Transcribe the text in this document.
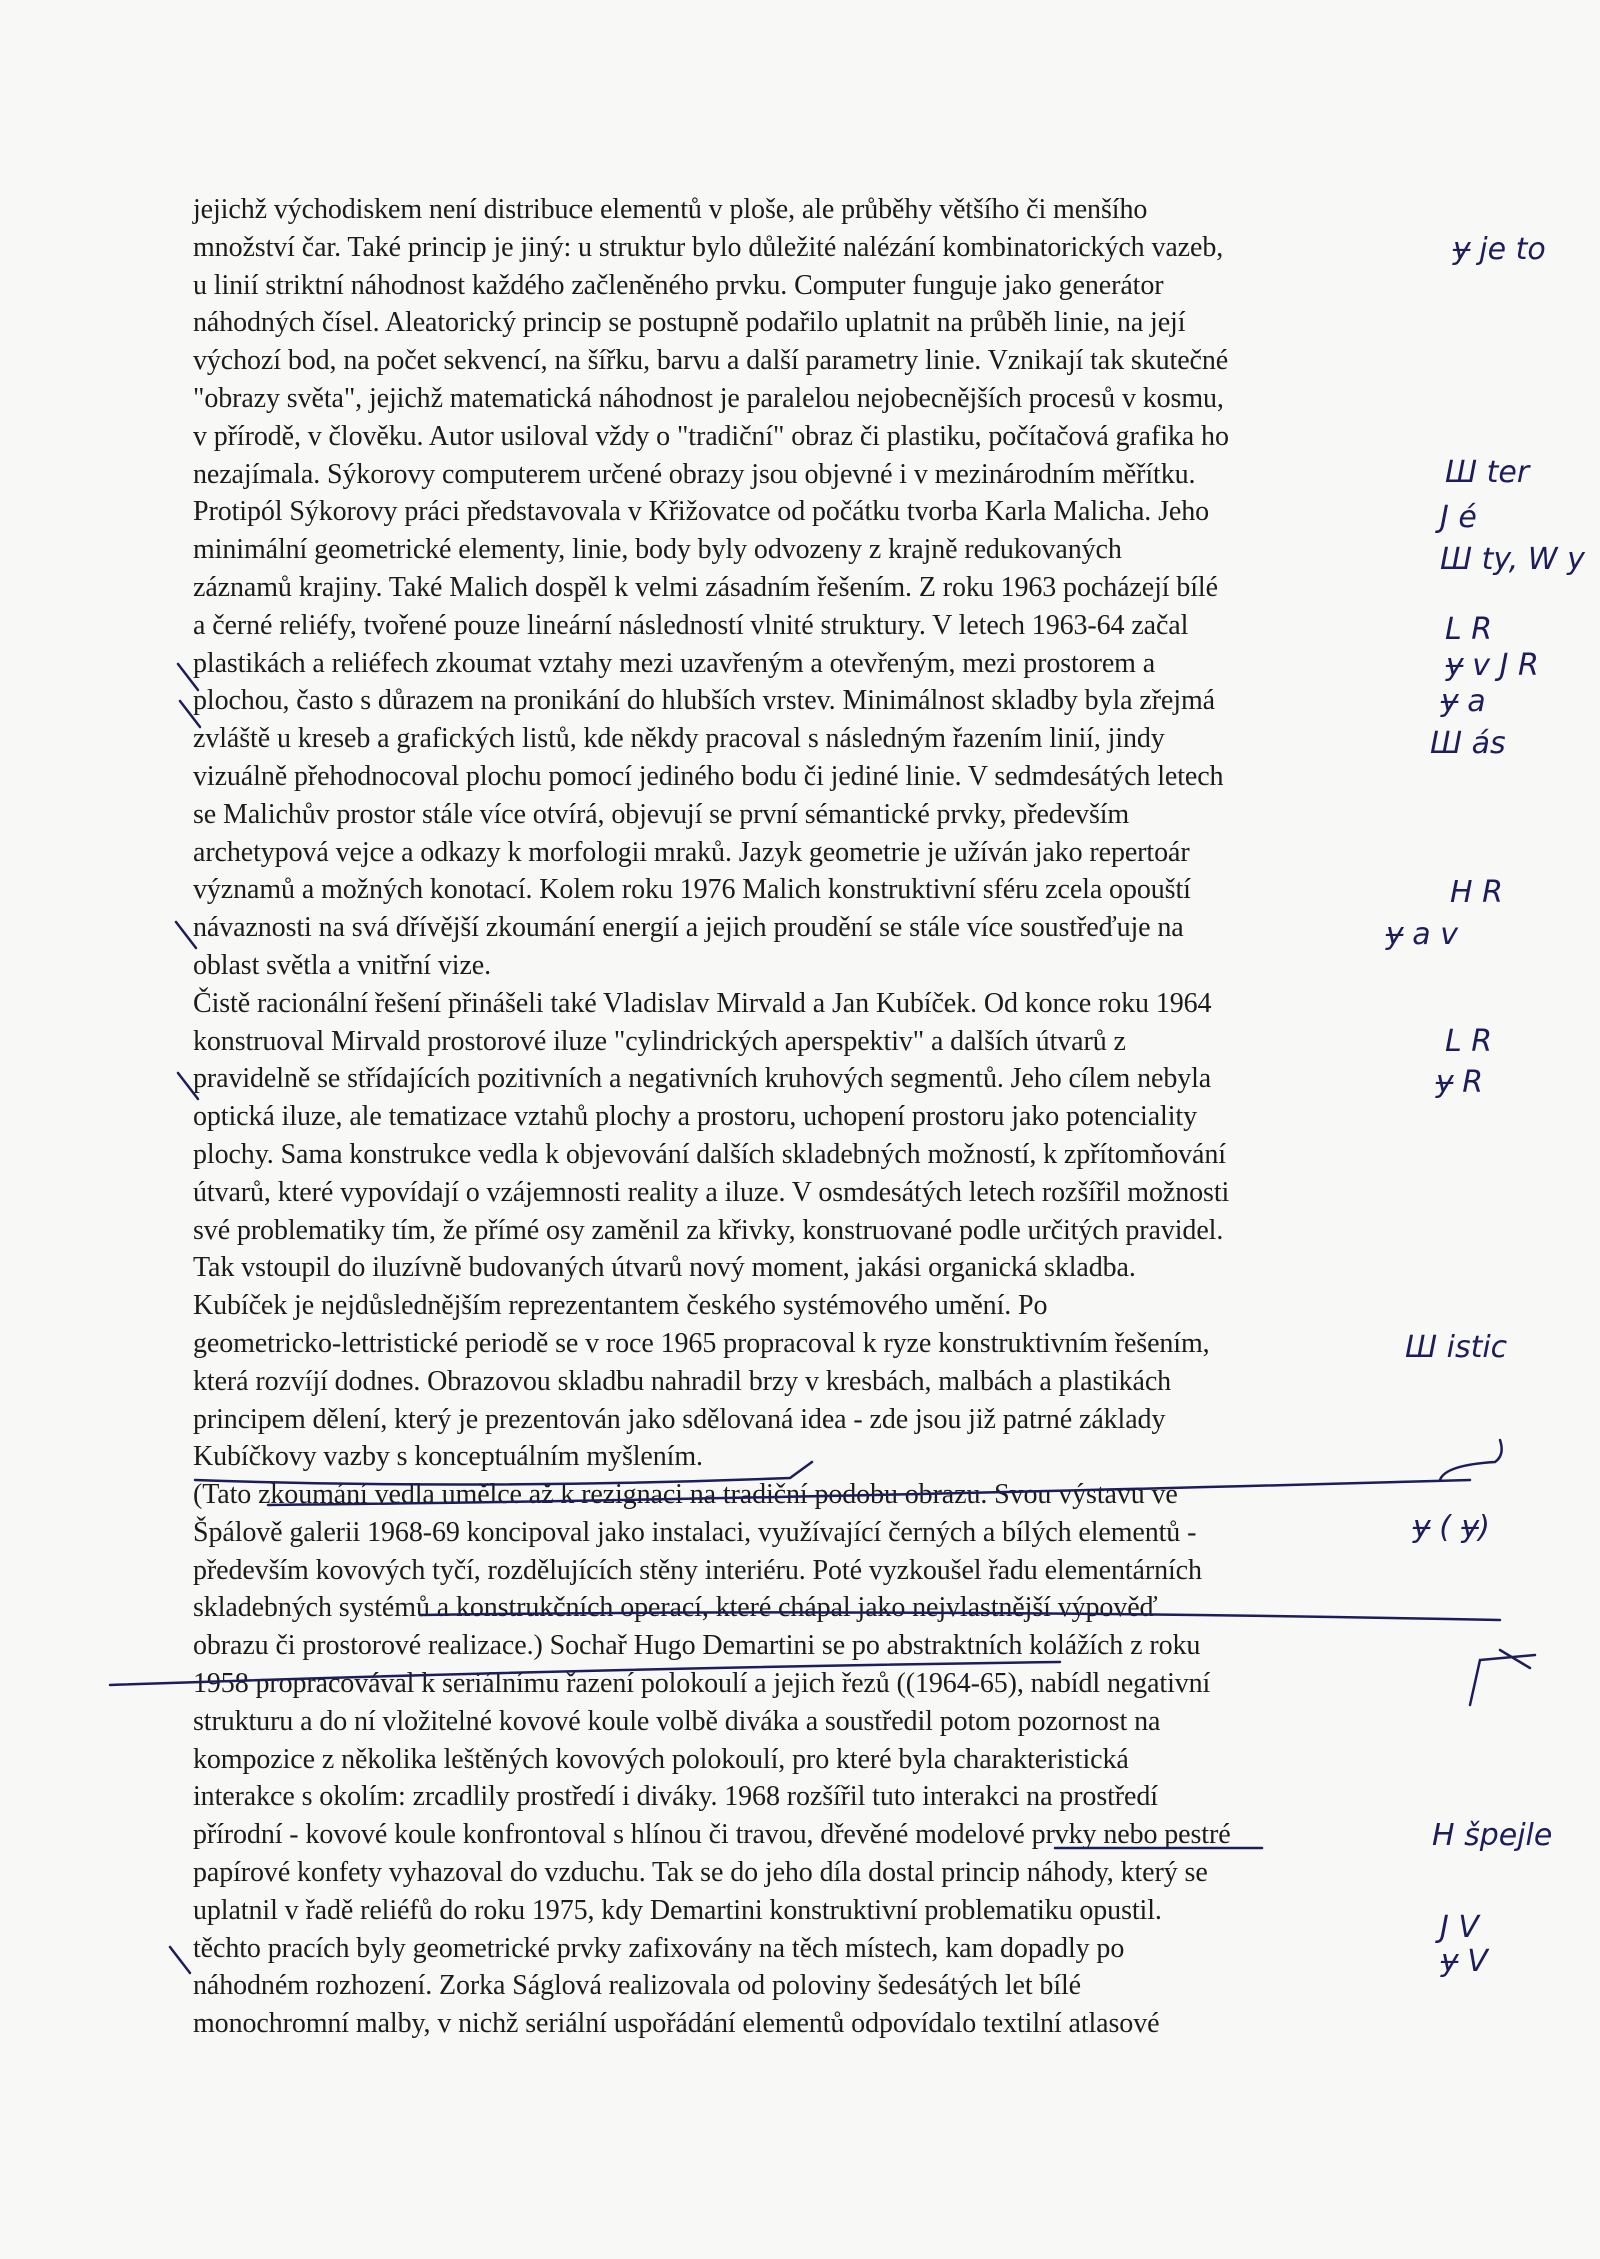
jejichž východiskem není distribuce elementů v ploše, ale průběhy většího či menšího
množství čar. Také princip je jiný: u struktur bylo důležité nalézání kombinatorických vazeb,
u linií striktní náhodnost každého začleněného prvku. Computer funguje jako generátor
náhodných čísel. Aleatorický princip se postupně podařilo uplatnit na průběh linie, na její
výchozí bod, na počet sekvencí, na šířku, barvu a další parametry linie. Vznikají tak skutečné
"obrazy světa", jejichž matematická náhodnost je paralelou nejobecnějších procesů v kosmu,
v přírodě, v člověku. Autor usiloval vždy o "tradiční" obraz či plastiku, počítačová grafika ho
nezajímala. Sýkorovy computerem určené obrazy jsou objevné i v mezinárodním měřítku.
Protipól Sýkorovy práci představovala v Křižovatce od počátku tvorba Karla Malicha. Jeho
minimální geometrické elementy, linie, body byly odvozeny z krajně redukovaných
záznamů krajiny. Také Malich dospěl k velmi zásadním řešením. Z roku 1963 pocházejí bílé
a černé reliéfy, tvořené pouze lineární následností vlnité struktury. V letech 1963-64 začal
plastikách a reliéfech zkoumat vztahy mezi uzavřeným a otevřeným, mezi prostorem a
plochou, často s důrazem na pronikání do hlubších vrstev. Minimálnost skladby byla zřejmá
zvláště u kreseb a grafických listů, kde někdy pracoval s následným řazením linií, jindy
vizuálně přehodnocoval plochu pomocí jediného bodu či jediné linie. V sedmdesátých letech
se Malichův prostor stále více otvírá, objevují se první sémantické prvky, především
archetypová vejce a odkazy k morfologii mraků. Jazyk geometrie je užíván jako repertoár
významů a možných konotací. Kolem roku 1976 Malich konstruktivní sféru zcela opouští
návaznosti na svá dřívější zkoumání energií a jejich proudění se stále více soustřeďuje na
oblast světla a vnitřní vize.
Čistě racionální řešení přinášeli také Vladislav Mirvald a Jan Kubíček. Od konce roku 1964
konstruoval Mirvald prostorové iluze "cylindrických aperspektiv" a dalších útvarů z
pravidelně se střídajících pozitivních a negativních kruhových segmentů. Jeho cílem nebyla
optická iluze, ale tematizace vztahů plochy a prostoru, uchopení prostoru jako potenciality
plochy. Sama konstrukce vedla k objevování dalších skladebných možností, k zpřítomňování
útvarů, které vypovídají o vzájemnosti reality a iluze. V osmdesátých letech rozšířil možnosti
své problematiky tím, že přímé osy zaměnil za křivky, konstruované podle určitých pravidel.
Tak vstoupil do iluzívně budovaných útvarů nový moment, jakási organická skladba.
Kubíček je nejdůslednějším reprezentantem českého systémového umění. Po
geometricko-lettristické periodě se v roce 1965 propracoval k ryze konstruktivním řešením,
která rozvíjí dodnes. Obrazovou skladbu nahradil brzy v kresbách, malbách a plastikách
principem dělení, který je prezentován jako sdělovaná idea - zde jsou již patrné základy
Kubíčkovy vazby s konceptuálním myšlením.
(Tato zkoumání vedla umělce až k rezignaci na tradiční podobu obrazu. Svou výstavu ve
Špálově galerii 1968-69 koncipoval jako instalaci, využívající černých a bílých elementů -
především kovových tyčí, rozdělujících stěny interiéru. Poté vyzkoušel řadu elementárních
skladebných systémů a konstrukčních operací, které chápal jako nejvlastnější výpověď
obrazu či prostorové realizace.) Sochař Hugo Demartini se po abstraktních kolážích z roku
1958 propracovával k seriálnímu řazení polokoulí a jejich řezů ((1964-65), nabídl negativní
strukturu a do ní vložitelné kovové koule volbě diváka a soustředil potom pozornost na
kompozice z několika leštěných kovových polokoulí, pro které byla charakteristická
interakce s okolím: zrcadlily prostředí i diváky. 1968 rozšířil tuto interakci na prostředí
přírodní - kovové koule konfrontoval s hlínou či travou, dřevěné modelové prvky nebo pestré
papírové konfety vyhazoval do vzduchu. Tak se do jeho díla dostal princip náhody, který se
uplatnil v řadě reliéfů do roku 1975, kdy Demartini konstruktivní problematiku opustil.
těchto pracích byly geometrické prvky zafixovány na těch místech, kam dopadly po
náhodném rozhození. Zorka Ságlová realizovala od poloviny šedesátých let bílé
monochromní malby, v nichž seriální uspořádání elementů odpovídalo textilní atlasové
ɏ je to
Ш ter
J é
Ш ty, W y
L R
ɏ v J R
ɏ a
Ш ás
H R
ɏ a v
L R
ɏ R
Ш istic
ɏ ( ɏ)
H špejle
J V
ɏ V
